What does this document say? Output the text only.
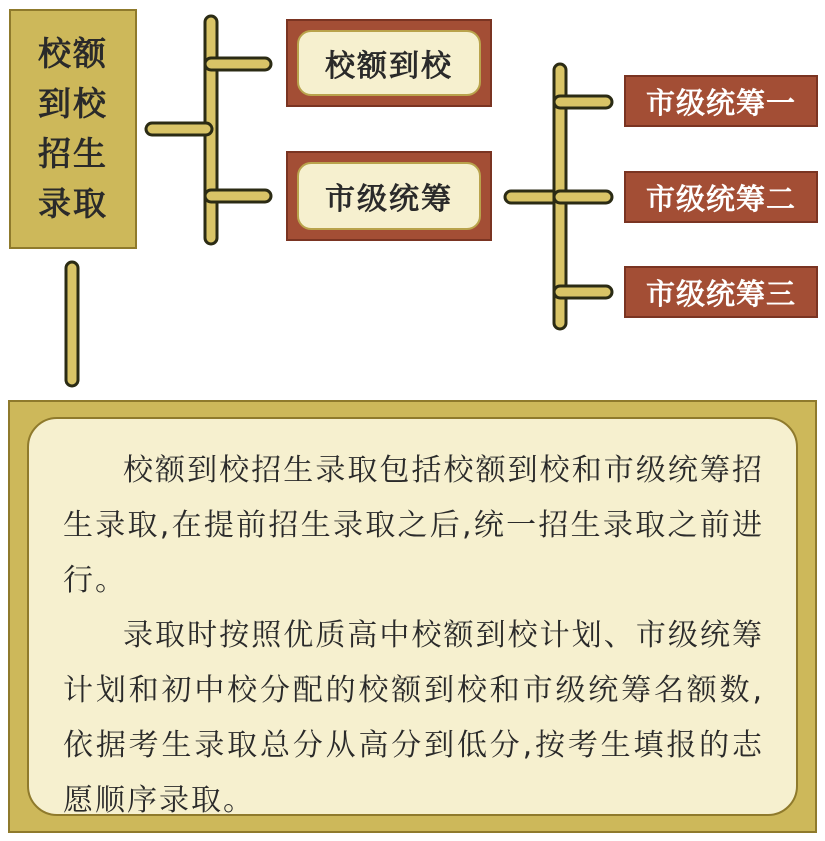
校额
到校
招生
录取
校额到校
市级统筹
市级统筹一
市级统筹二
市级统筹三

校额到校招生录取包括校额到校和市级统筹招生录取,在提前招生录取之后,统一招生录取之前进行。

录取时按照优质高中校额到校计划、市级统筹计划和初中校分配的校额到校和市级统筹名额数,依据考生录取总分从高分到低分,按考生填报的志愿顺序录取。
